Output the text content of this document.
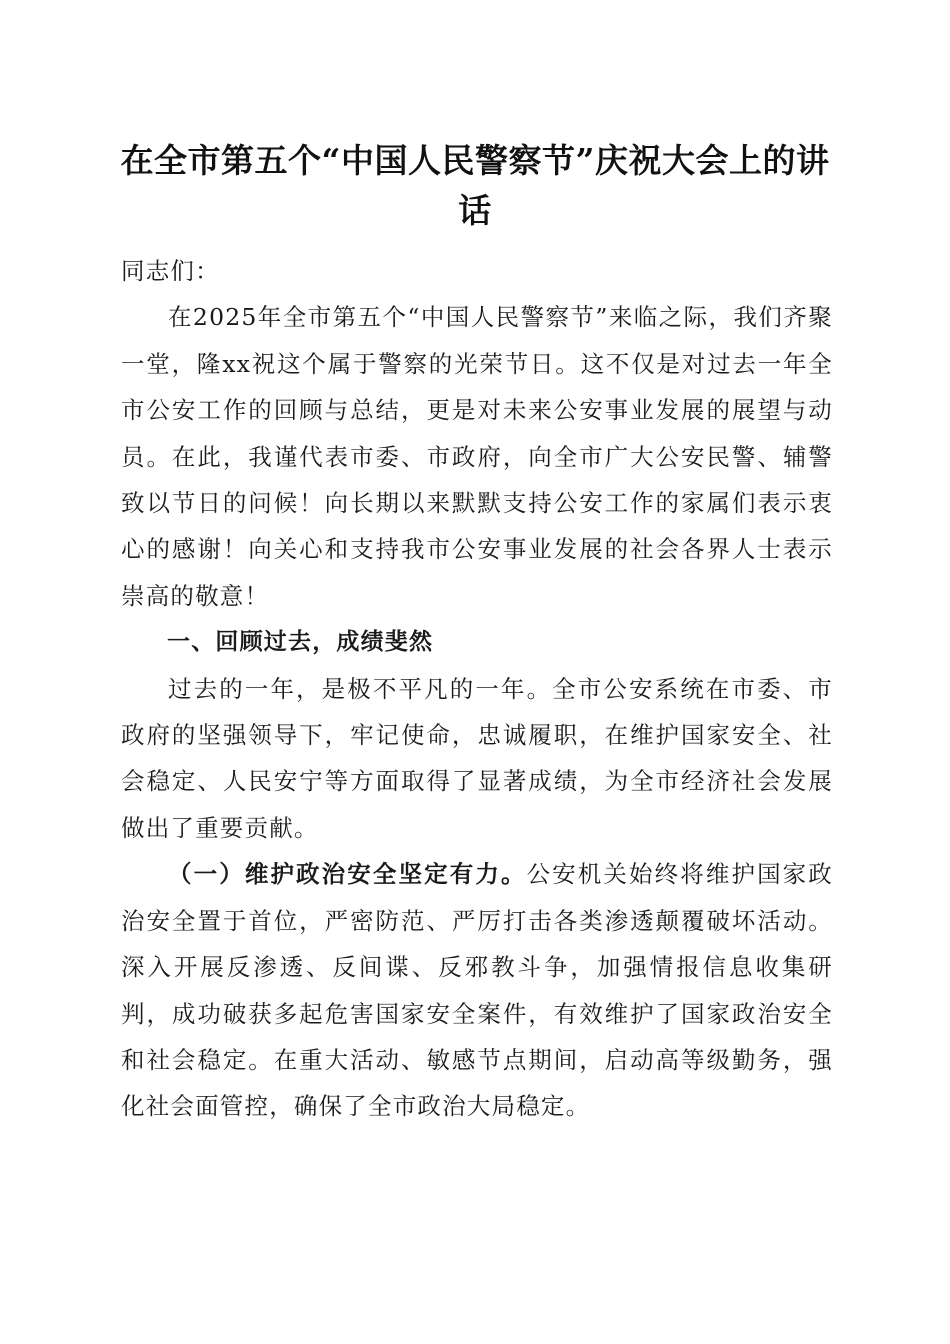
在全市第五个“中国人民警察节”庆祝大会上的讲话

同志们：

在2025年全市第五个“中国人民警察节”来临之际，我们齐聚一堂，隆xx祝这个属于警察的光荣节日。这不仅是对过去一年全市公安工作的回顾与总结，更是对未来公安事业发展的展望与动员。在此，我谨代表市委、市政府，向全市广大公安民警、辅警致以节日的问候！向长期以来默默支持公安工作的家属们表示衷心的感谢！向关心和支持我市公安事业发展的社会各界人士表示崇高的敬意！

一、回顾过去，成绩斐然

过去的一年，是极不平凡的一年。全市公安系统在市委、市政府的坚强领导下，牢记使命，忠诚履职，在维护国家安全、社会稳定、人民安宁等方面取得了显著成绩，为全市经济社会发展做出了重要贡献。

（一）维护政治安全坚定有力。公安机关始终将维护国家政治安全置于首位，严密防范、严厉打击各类渗透颠覆破坏活动。深入开展反渗透、反间谍、反邪教斗争，加强情报信息收集研判，成功破获多起危害国家安全案件，有效维护了国家政治安全和社会稳定。在重大活动、敏感节点期间，启动高等级勤务，强化社会面管控，确保了全市政治大局稳定。
